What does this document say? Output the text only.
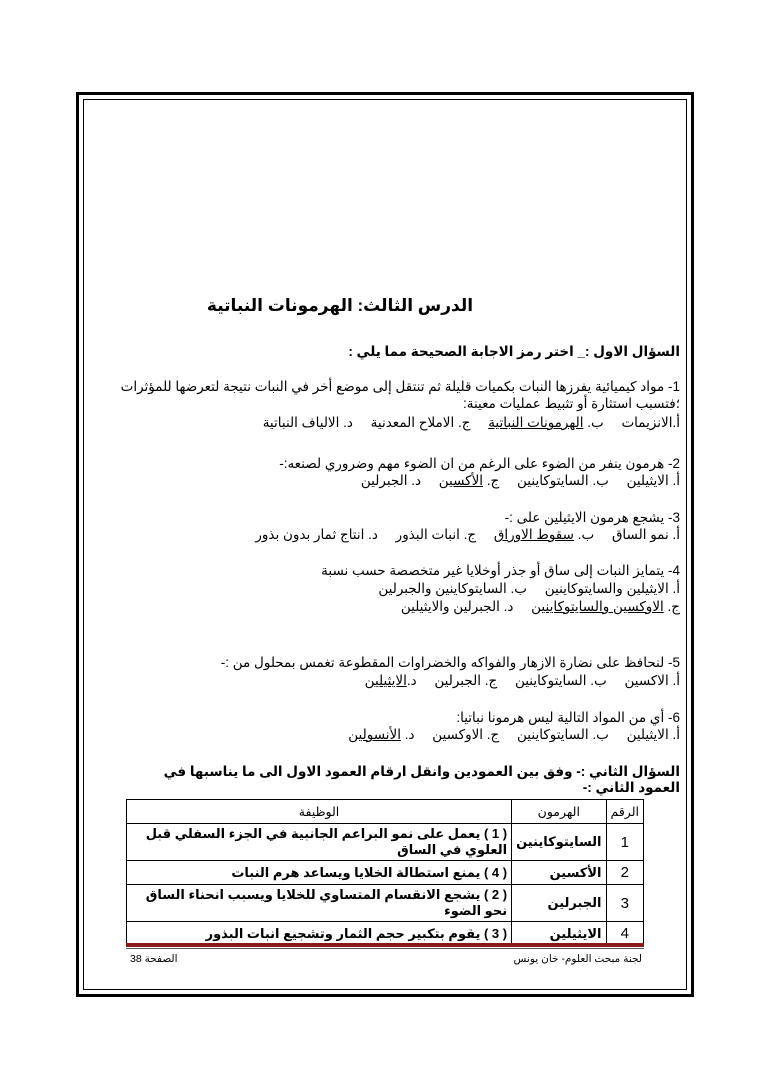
الدرس الثالث: الهرمونات النباتية
السؤال الاول :_ اختر رمز الاجابة الصحيحة مما يلي :
1- مواد كيميائية يفرزها النبات بكميات قليلة ثم تنتقل إلى موضع أخر في النبات نتيجة لتعرضها للمؤثرات
؛فتسبب استثارة أو تثبيط عمليات معينة:
أ.الانزيمات ب. الهرمونات النباتية ج. الاملاح المعدنية د. الالياف النباتية
2- هرمون ينفر من الضوء على الرغم من ان الضوء مهم وضروري لصنعه:-
أ. الايثيلين ب. السايتوكاينين ج. الأكسين د. الجبرلين
3- يشجع هرمون الايثيلين على :-
أ. نمو الساق ب. سقوط الاوراق ج. انبات البذور د. انتاج ثمار بدون بذور
4- يتمايز النبات إلى ساق أو جذر أوخلايا غير متخصصة حسب نسبة
أ. الايثيلين والسايتوكاينين ب. السايتوكاينين والجبرلين
ج. الاوكسين والسايتوكاينين د. الجبرلين والايثيلين
5- لنحافظ على نضارة الازهار والفواكه والخضراوات المقطوعة تغمس بمحلول من :-
أ. الاكسين ب. السايتوكاينين ج. الجبرلين د.الايثيلين
6- أي من المواد التالية ليس هرمونا نباتيا:
أ. الايثيلين ب. السايتوكاينين ج. الاوكسين د. الأنسولين
السؤال الثاني :- وفق بين العمودين وانقل ارقام العمود الاول الى ما يناسبها في العمود الثاني :-
الرقم	الهرمون	الوظيفة
1	السايتوكاينين	( 1 ) يعمل على نمو البراعم الجانبية في الجزء السفلي قبل العلوي في الساق
2	الأكسين	( 4 ) يمنع استطالة الخلايا ويساعد هرم النبات
3	الجبرلين	( 2 ) يشجع الانقسام المتساوي للخلايا ويسبب انحناء الساق نحو الضوء
4	الايثيلين	( 3 ) يقوم بتكبير حجم الثمار وتشجيع انبات البذور
لجنة مبحث العلوم- خان يونس
الصفحة 38
